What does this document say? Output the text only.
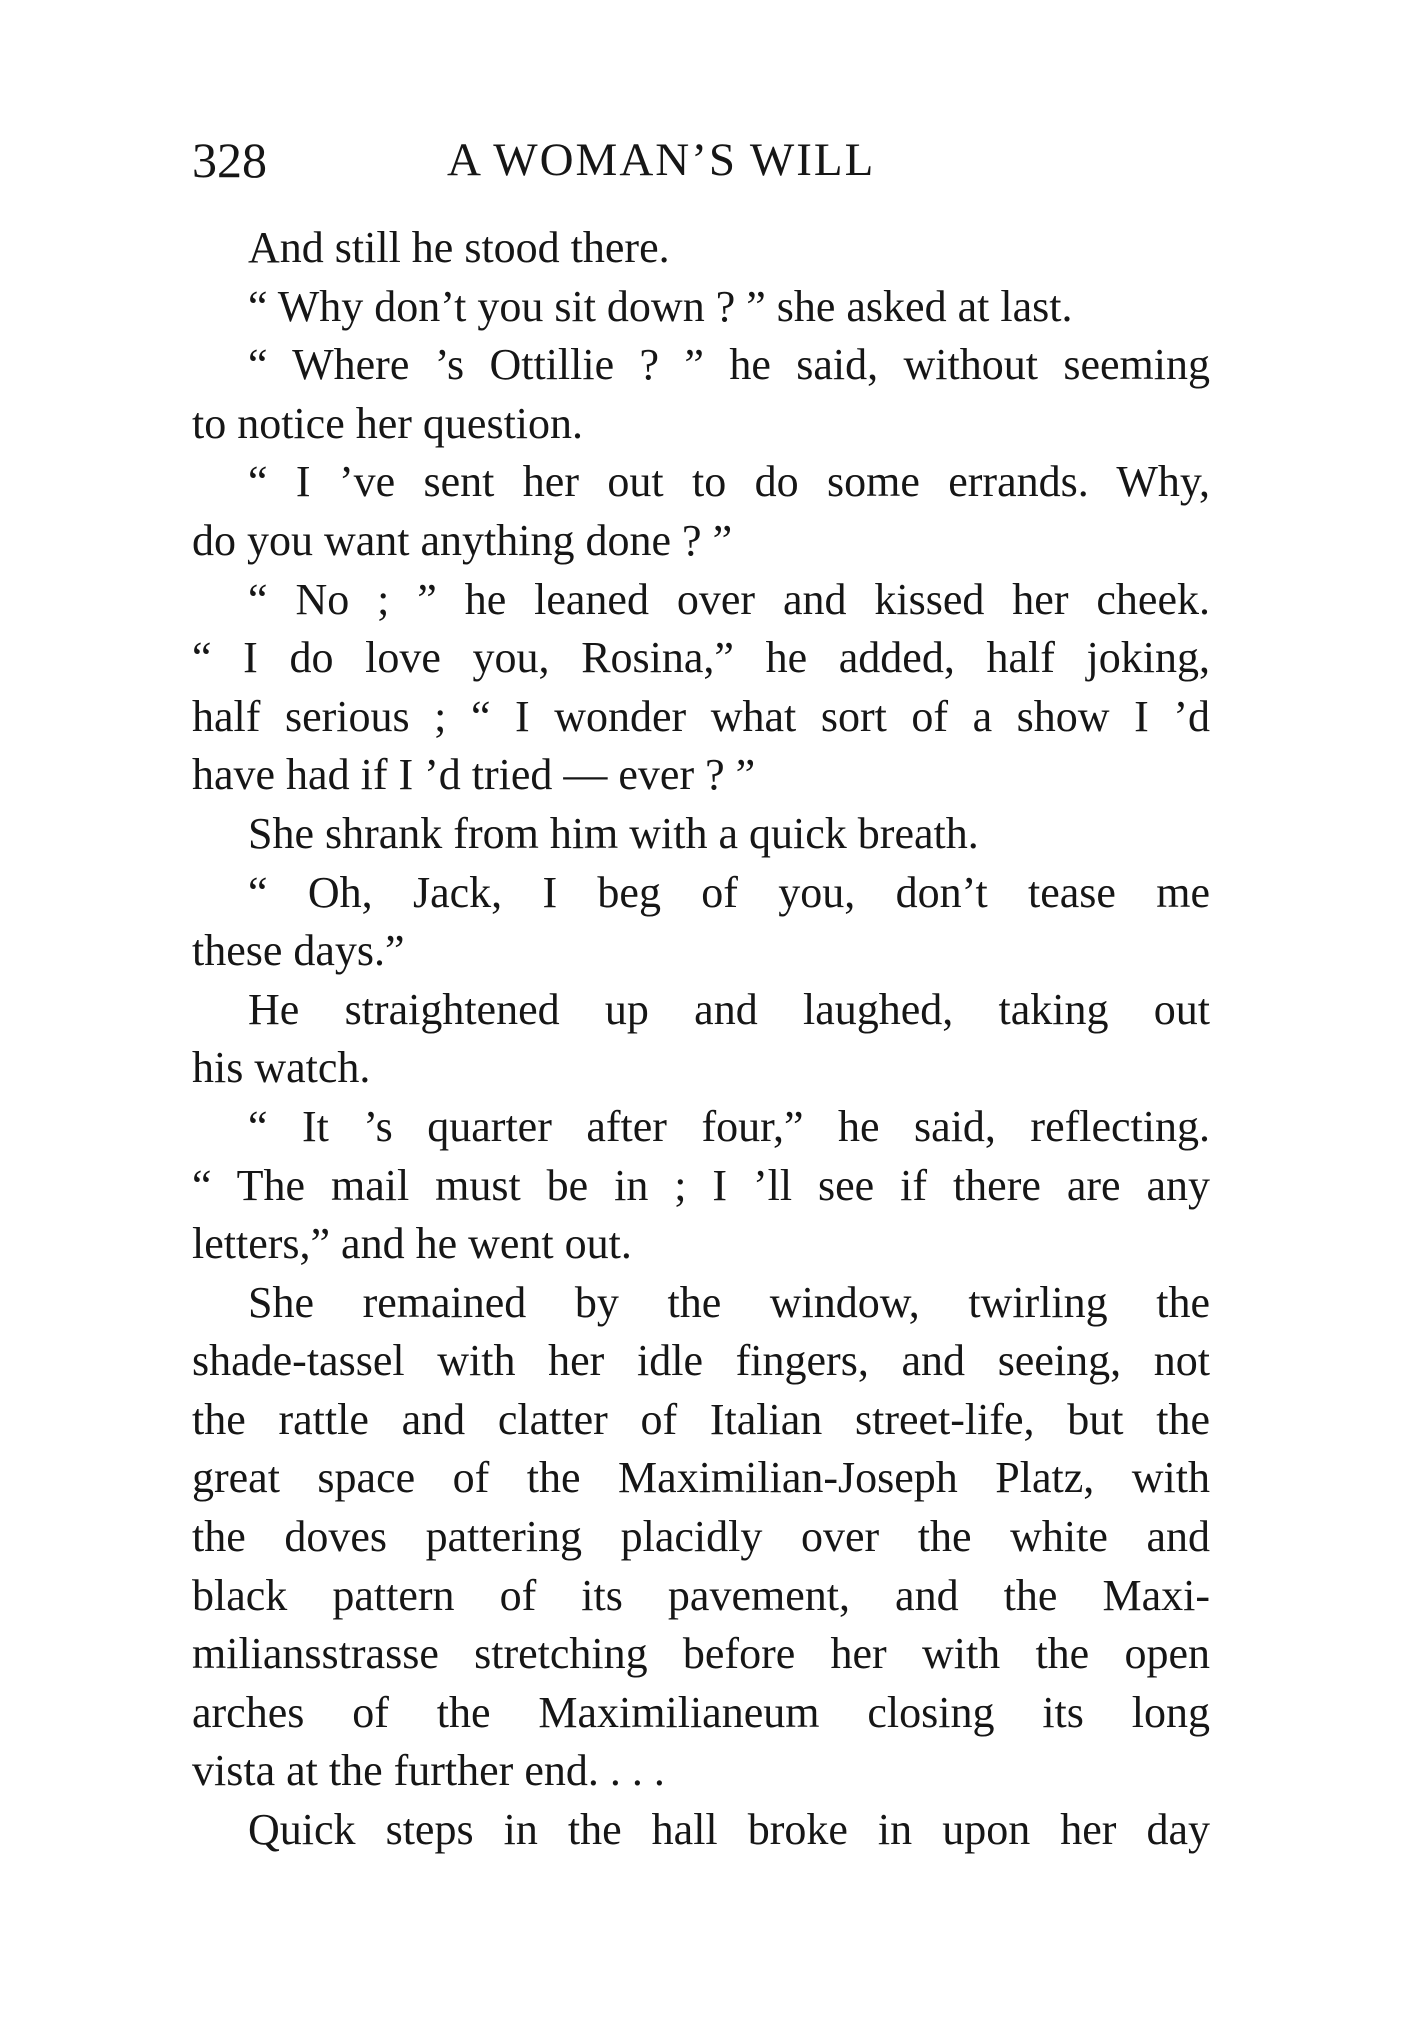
328	A WOMAN’S WILL
And still he stood there.
“ Why don’t you sit down ? ” she asked at last.
“ Where ’s Ottillie ? ” he said, without seeming
to notice her question.
“ I ’ve sent her out to do some errands. Why,
do you want anything done ? ”
“ No ; ” he leaned over and kissed her cheek.
“ I do love you, Rosina,” he added, half joking,
half serious ; “ I wonder what sort of a show I ’d
have had if I ’d tried — ever ? ”
She shrank from him with a quick breath.
“ Oh, Jack, I beg of you, don’t tease me
these days.”
He straightened up and laughed, taking out
his watch.
“ It ’s quarter after four,” he said, reflecting.
“ The mail must be in ; I ’ll see if there are any
letters,” and he went out.
She remained by the window, twirling the
shade-tassel with her idle fingers, and seeing, not
the rattle and clatter of Italian street-life, but the
great space of the Maximilian-Joseph Platz, with
the doves pattering placidly over the white and
black pattern of its pavement, and the Maxi-
miliansstrasse stretching before her with the open
arches of the Maximilianeum closing its long
vista at the further end. . . .
Quick steps in the hall broke in upon her day
